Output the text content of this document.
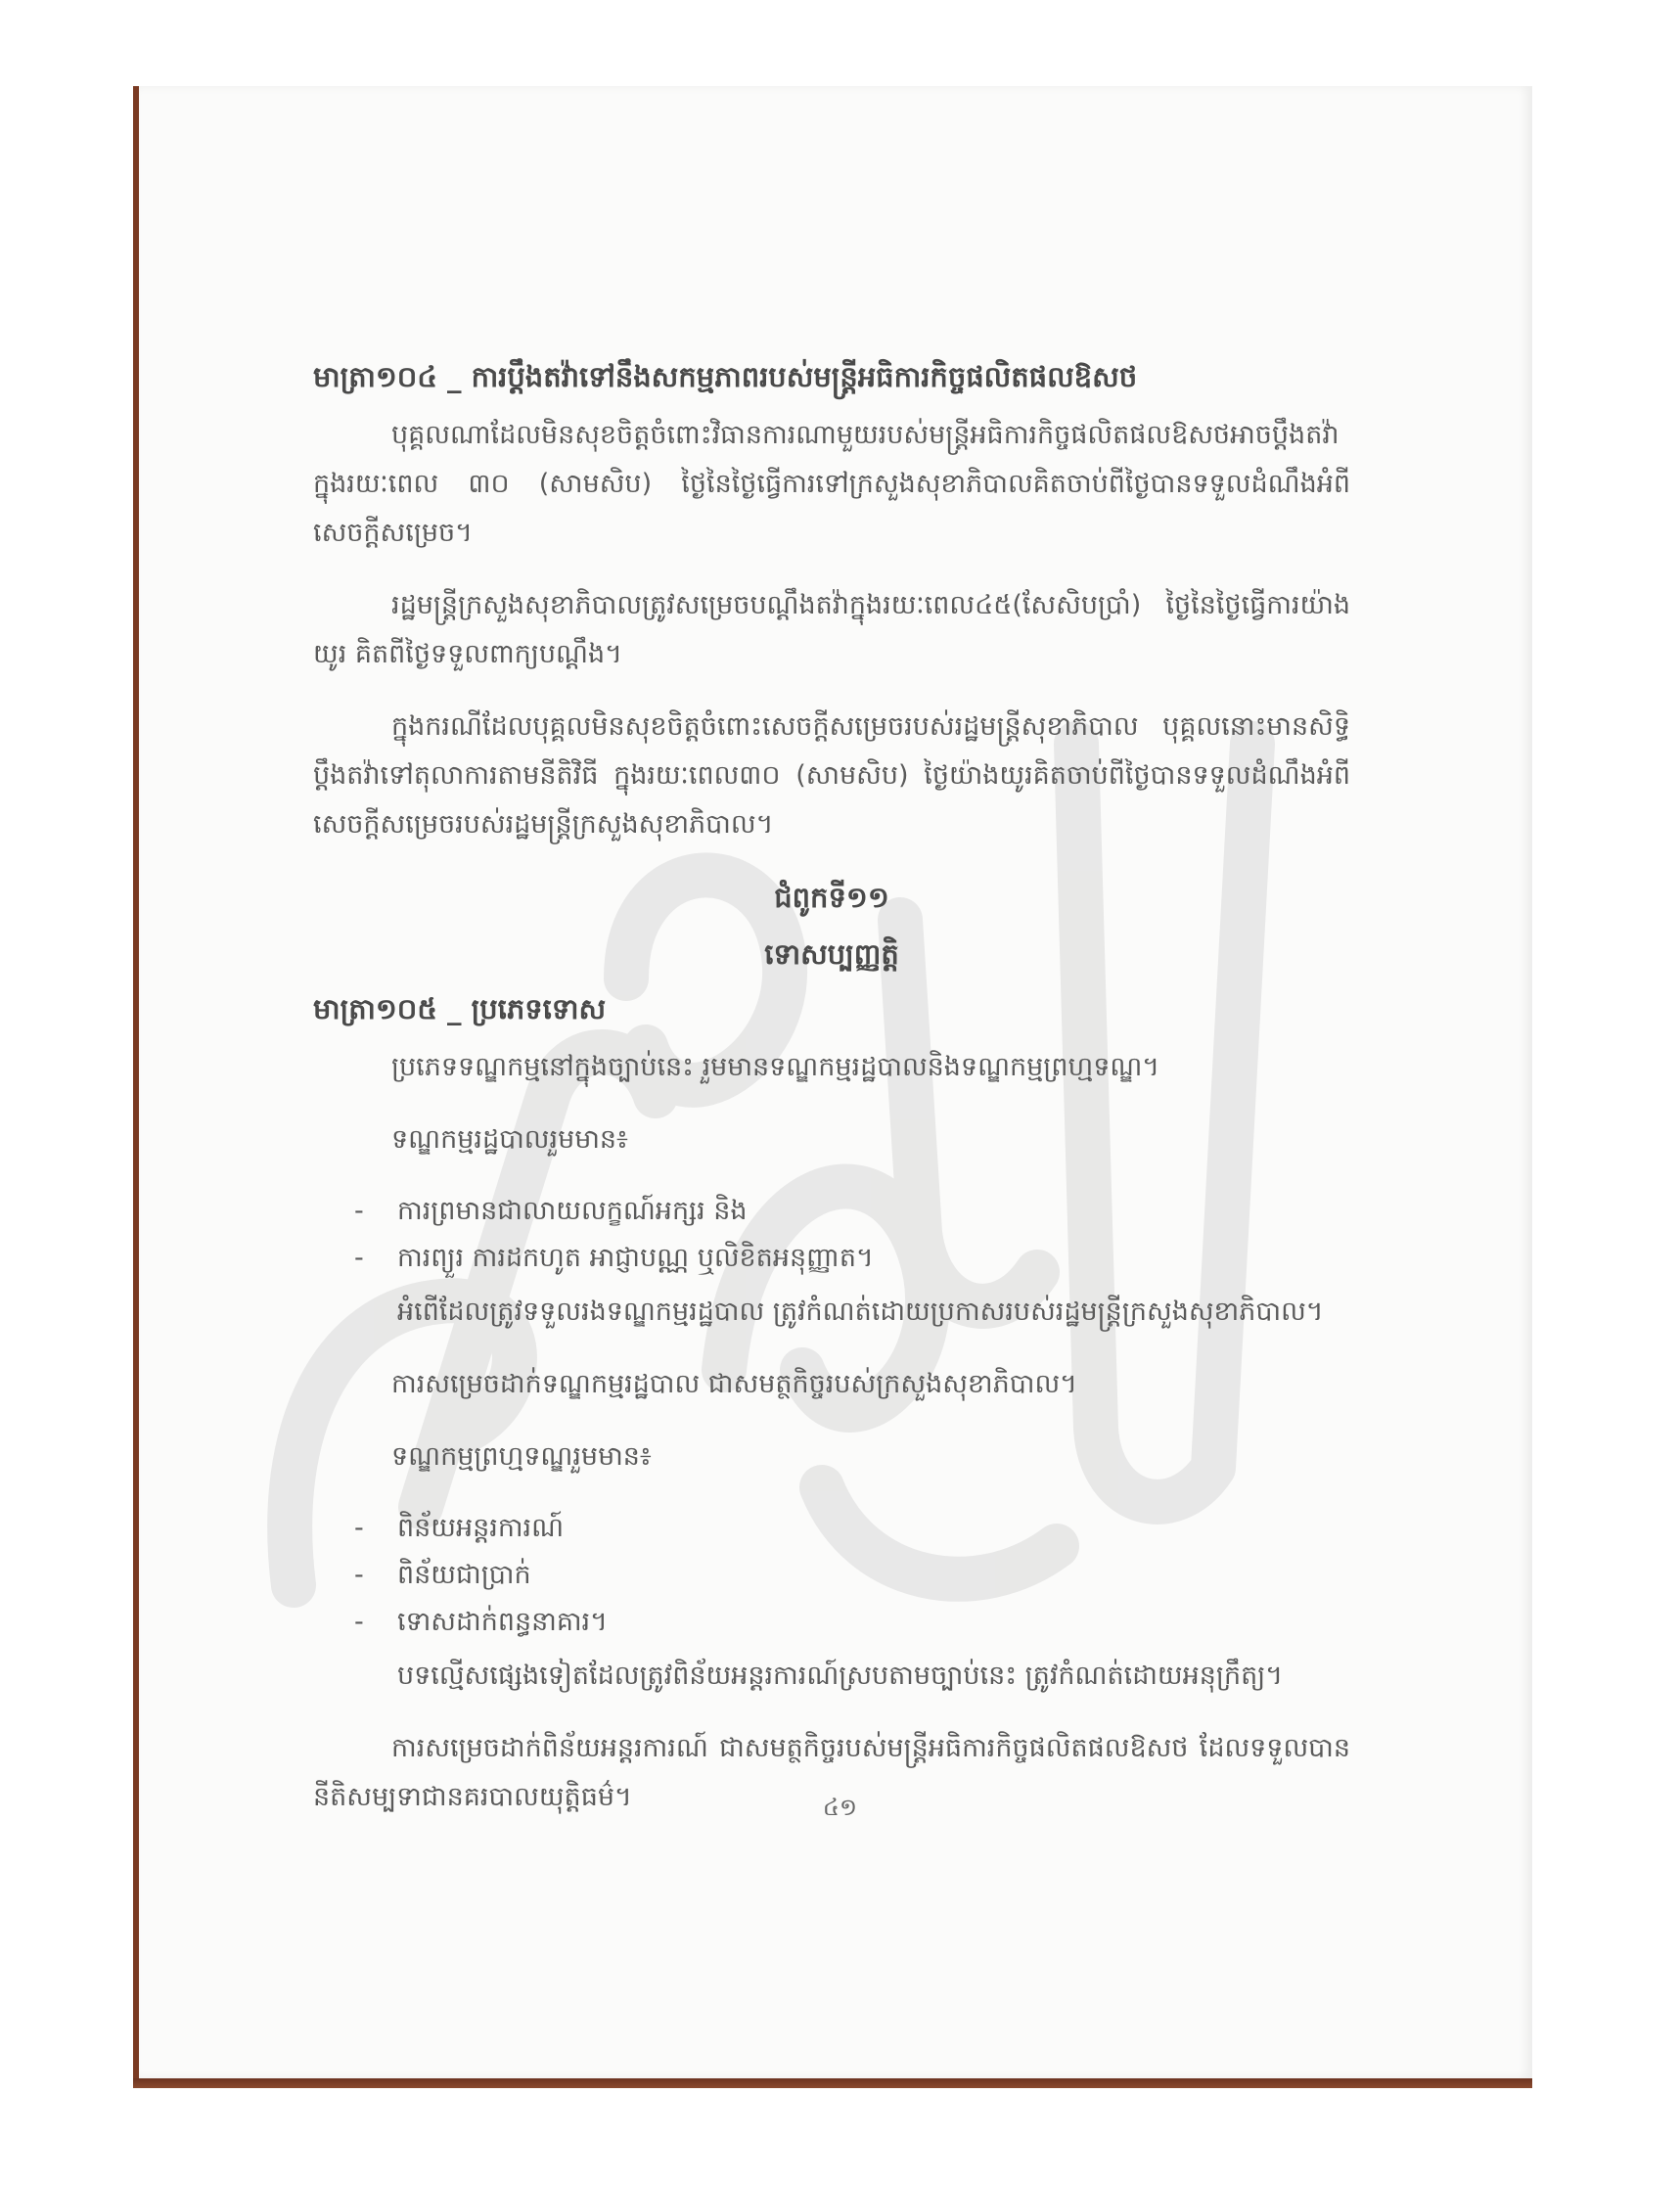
មាត្រា១០៤ _ ការប្តឹងតវ៉ាទៅនឹងសកម្មភាពរបស់មន្ត្រីអធិការកិច្ចផលិតផលឱសថ

បុគ្គលណាដែលមិនសុខចិត្តចំពោះវិធានការណាមួយរបស់មន្ត្រីអធិការកិច្ចផលិតផលឱសថអាចប្តឹងតវ៉ា ក្នុងរយៈពេល ៣០ (សាមសិប) ថ្ងៃនៃថ្ងៃធ្វើការទៅក្រសួងសុខាភិបាលគិតចាប់ពីថ្ងៃបានទទួលដំណឹងអំពីសេចក្តីសម្រេច។

រដ្ឋមន្ត្រីក្រសួងសុខាភិបាលត្រូវសម្រេចបណ្តឹងតវ៉ាក្នុងរយៈពេល៤៥(សែសិបប្រាំ) ថ្ងៃនៃថ្ងៃធ្វើការយ៉ាងយូរ គិតពីថ្ងៃទទួលពាក្យបណ្តឹង។

ក្នុងករណីដែលបុគ្គលមិនសុខចិត្តចំពោះសេចក្តីសម្រេចរបស់រដ្ឋមន្ត្រីសុខាភិបាល បុគ្គលនោះមានសិទ្ធិប្តឹងតវ៉ាទៅតុលាការតាមនីតិវិធី ក្នុងរយៈពេល៣០ (សាមសិប) ថ្ងៃយ៉ាងយូរគិតចាប់ពីថ្ងៃបានទទួលដំណឹងអំពីសេចក្តីសម្រេចរបស់រដ្ឋមន្ត្រីក្រសួងសុខាភិបាល។

ជំពូកទី១១
ទោសប្បញ្ញត្តិ
មាត្រា១០៥ _ ប្រភេទទោស

ប្រភេទទណ្ឌកម្មនៅក្នុងច្បាប់នេះ រួមមានទណ្ឌកម្មរដ្ឋបាលនិងទណ្ឌកម្មព្រហ្មទណ្ឌ។

ទណ្ឌកម្មរដ្ឋបាលរួមមាន៖

- ការព្រមានជាលាយលក្ខណ៍អក្សរ និង
- ការព្យួរ ការដកហូត អាជ្ញាបណ្ណ ឬលិខិតអនុញ្ញាត។

អំពើដែលត្រូវទទួលរងទណ្ឌកម្មរដ្ឋបាល ត្រូវកំណត់ដោយប្រកាសរបស់រដ្ឋមន្ត្រីក្រសួងសុខាភិបាល។

ការសម្រេចដាក់ទណ្ឌកម្មរដ្ឋបាល ជាសមត្ថកិច្ចរបស់ក្រសួងសុខាភិបាល។

ទណ្ឌកម្មព្រហ្មទណ្ឌរួមមាន៖

- ពិន័យអន្តរការណ៍
- ពិន័យជាប្រាក់
- ទោសដាក់ពន្ធនាគារ។

បទល្មើសផ្សេងទៀតដែលត្រូវពិន័យអន្តរការណ៍ស្របតាមច្បាប់នេះ ត្រូវកំណត់ដោយអនុក្រឹត្យ។

ការសម្រេចដាក់ពិន័យអន្តរការណ៍ ជាសមត្ថកិច្ចរបស់មន្ត្រីអធិការកិច្ចផលិតផលឱសថ ដែលទទួលបាននីតិសម្បទាជានគរបាលយុត្តិធម៌។	៤១
